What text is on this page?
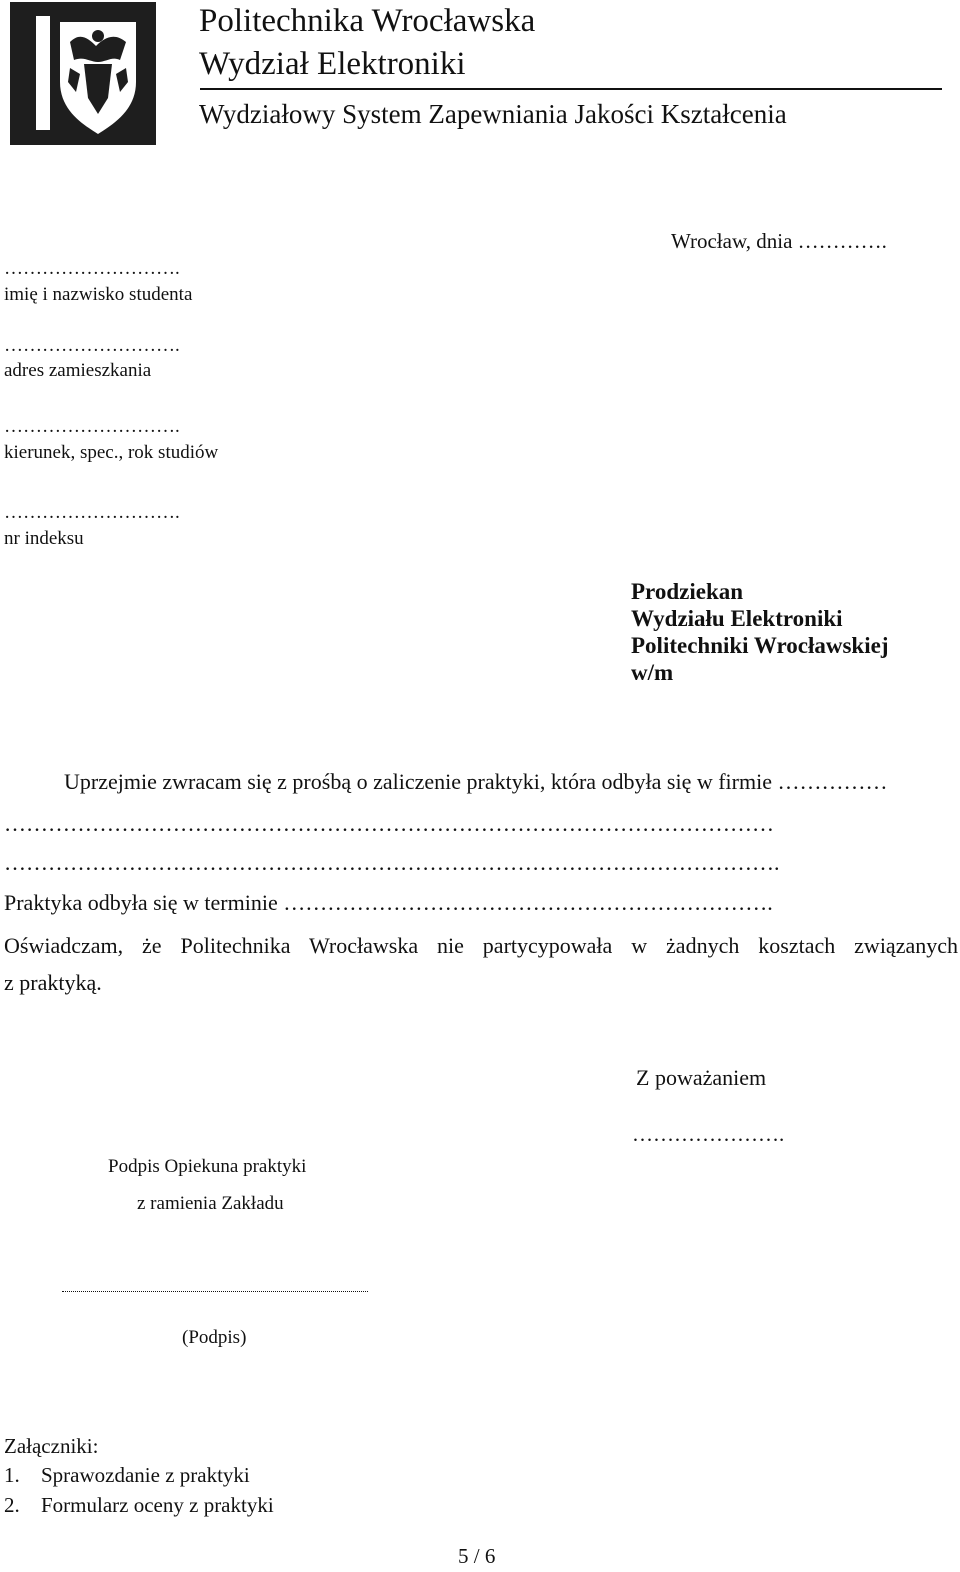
Politechnika Wrocławska
Wydział Elektroniki
Wydziałowy System Zapewniania Jakości Kształcenia
Wrocław, dnia ………….
……………………….
imię i nazwisko studenta
……………………….
adres zamieszkania
……………………….
kierunek, spec., rok studiów
……………………….
nr indeksu
Prodziekan
Wydziału Elektroniki
Politechniki Wrocławskiej
w/m
Uprzejmie zwracam się z prośbą o zaliczenie praktyki, która odbyła się w firmie ……………
……………………………………………………………………………………………
…………………………………………………………………………………………….
Praktyka odbyła się w terminie ………………………………………………………….
Oświadczam, że Politechnika Wrocławska nie partycypowała w żadnych kosztach związanych
z praktyką.
Z poważaniem
………………….
Podpis Opiekuna praktyki
z ramienia Zakładu
(Podpis)
Załączniki:
1. Sprawozdanie z praktyki
2. Formularz oceny z praktyki
5 / 6
